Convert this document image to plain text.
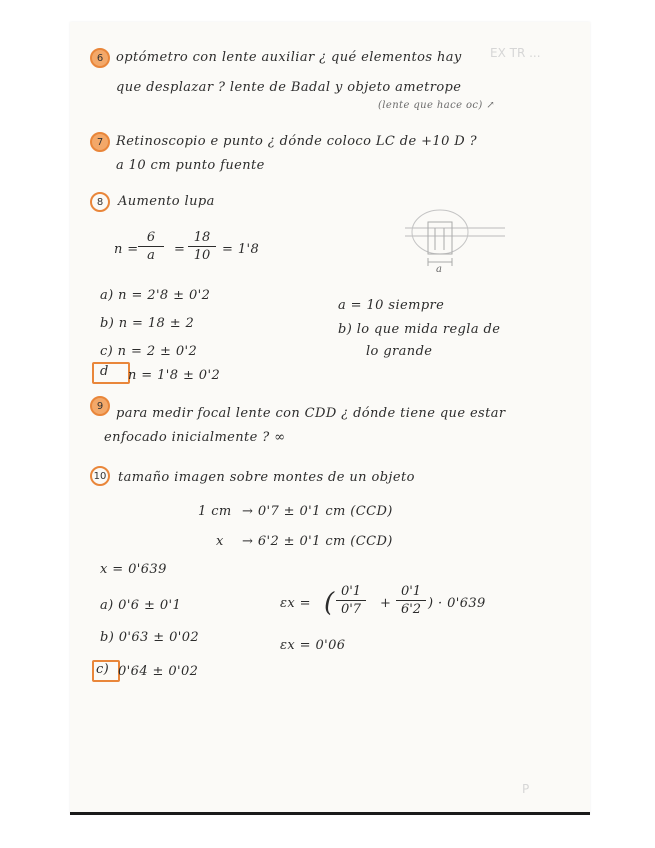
EX TR ...
6 optómetro con lente auxiliar ¿ qué elementos hay
que desplazar ? lente de Badal y objeto ametrope
(lente que hace oc) ↗
7 Retinoscopio e punto ¿ dónde coloco LC de +10 D ?
a 10 cm punto fuente
8	Aumento lupa
n =
6
a	=
18
10 = 1'8
a
a) n = 2'8 ± 0'2
b) n = 18 ± 2
c) n = 2 ± 0'2
d n = 1'8 ± 0'2
a = 10 siempre
b) lo que mida regla de
lo grande
9 para medir focal lente con CDD ¿ dónde tiene que estar
enfocado inicialmente ? ∞
10 tamaño imagen sobre montes de un objeto
1 cm → 0'7 ± 0'1 cm (CCD)
x → 6'2 ± 0'1 cm (CCD)
x = 0'639
a) 0'6 ± 0'1
b) 0'63 ± 0'02
c) 0'64 ± 0'02
εx = ( 0'1
0'7	+
0'1
6'2 ) · 0'639
εx = 0'06
P
